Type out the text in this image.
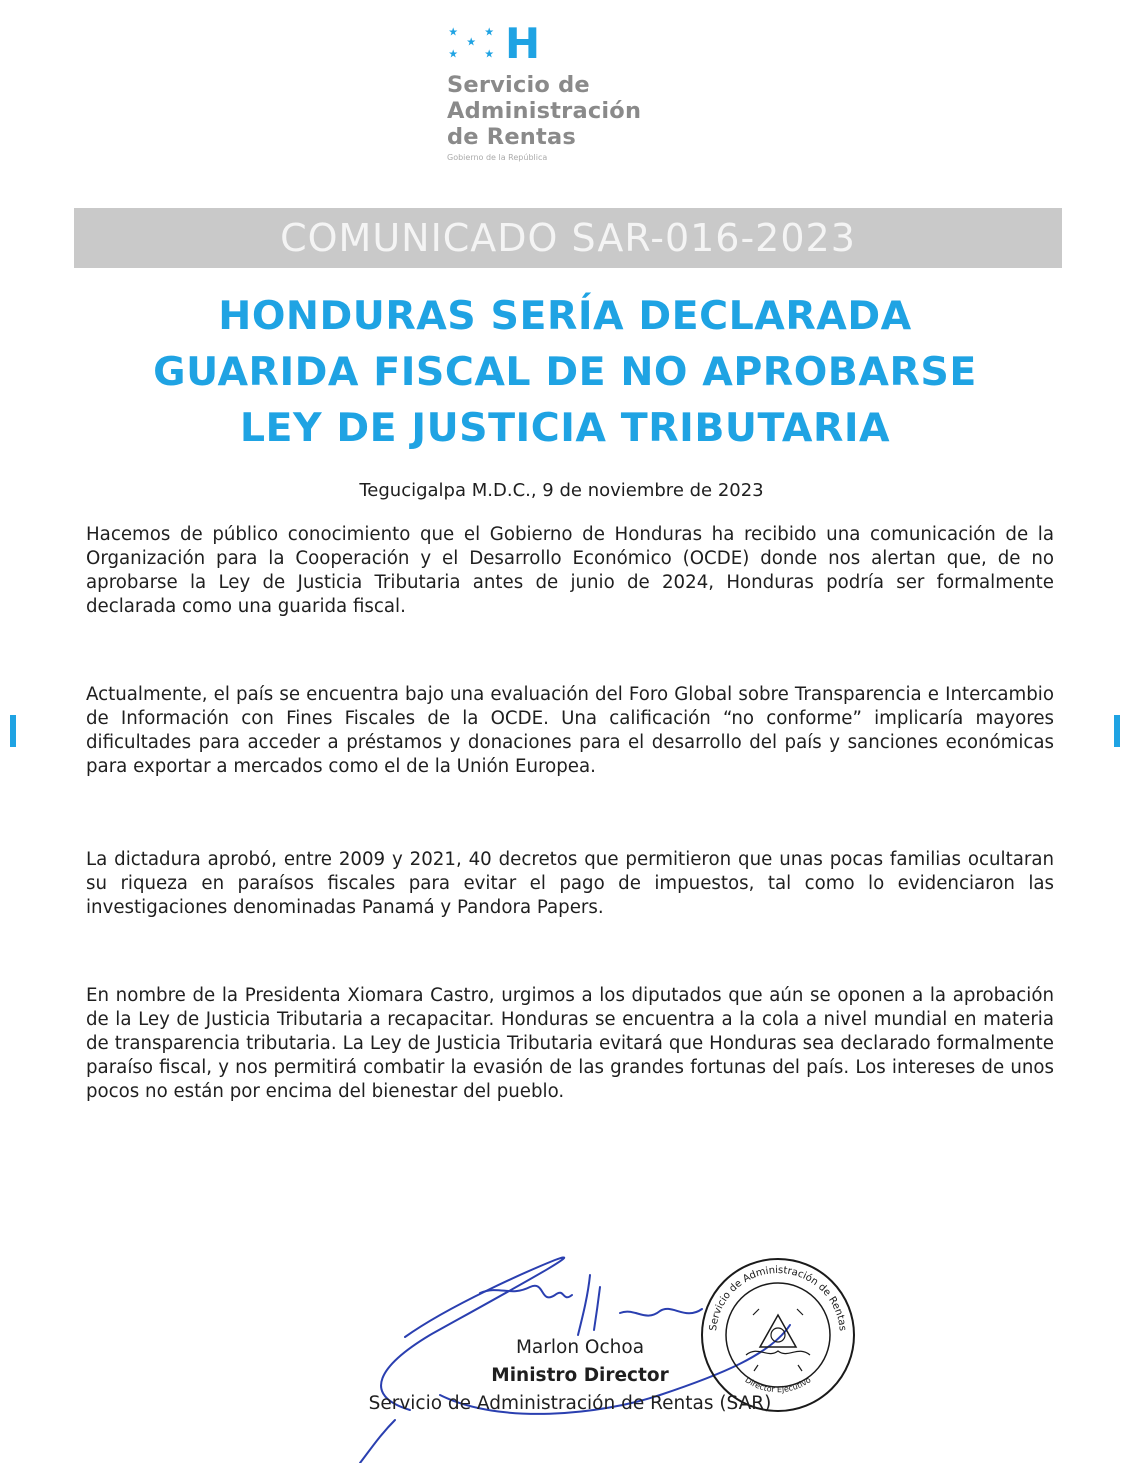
H
Servicio de
Administración
de Rentas
Gobierno de la República
COMUNICADO SAR-016-2023
HONDURAS SERÍA DECLARADA
GUARIDA FISCAL DE NO APROBARSE
LEY DE JUSTICIA TRIBUTARIA
Tegucigalpa M.D.C., 9 de noviembre de 2023

Hacemos de público conocimiento que el Gobierno de Honduras ha recibido una comunicación de la Organización para la Cooperación y el Desarrollo Económico (OCDE) donde nos alertan que, de no aprobarse la Ley de Justicia Tributaria antes de junio de 2024, Honduras podría ser formalmente declarada como una guarida fiscal.

Actualmente, el país se encuentra bajo una evaluación del Foro Global sobre Transparencia e Intercambio de Información con Fines Fiscales de la OCDE. Una calificación “no conforme” implicaría mayores dificultades para acceder a préstamos y donaciones para el desarrollo del país y sanciones económicas para exportar a mercados como el de la Unión Europea.

La dictadura aprobó, entre 2009 y 2021, 40 decretos que permitieron que unas pocas familias ocultaran su riqueza en paraísos fiscales para evitar el pago de impuestos, tal como lo evidenciaron las investigaciones denominadas Panamá y Pandora Papers.

En nombre de la Presidenta Xiomara Castro, urgimos a los diputados que aún se oponen a la aprobación de la Ley de Justicia Tributaria a recapacitar. Honduras se encuentra a la cola a nivel mundial en materia de transparencia tributaria. La Ley de Justicia Tributaria evitará que Honduras sea declarado formalmente paraíso fiscal, y nos permitirá combatir la evasión de las grandes fortunas del país. Los intereses de unos pocos no están por encima del bienestar del pueblo.

Servicio de Administración de Rentas
Director Ejecutivo
Marlon Ochoa
Ministro Director
Servicio de Administración de Rentas (SAR)
